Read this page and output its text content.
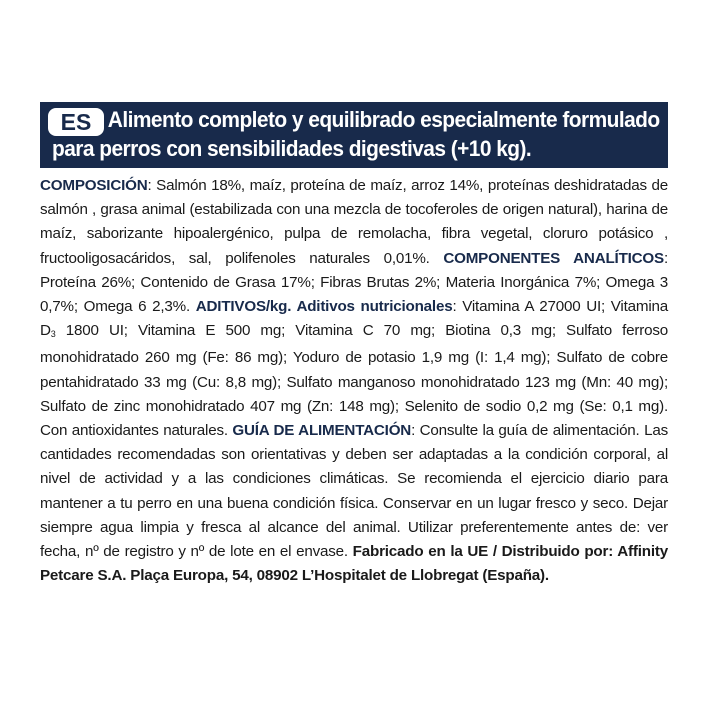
ES Alimento completo y equilibrado especialmente formulado
para perros con sensibilidades digestivas (+10 kg).
COMPOSICIÓN: Salmón 18%, maíz, proteína de maíz, arroz 14%, proteínas deshidratadas de salmón , grasa animal (estabilizada con una mezcla de tocoferoles de origen natural), harina de maíz, saborizante hipoalergénico, pulpa de remolacha, fibra vegetal, cloruro potásico , fructooligosacáridos, sal, polifenoles naturales 0,01%. COMPONENTES ANALÍTICOS: Proteína 26%; Contenido de Grasa 17%; Fibras Brutas 2%; Materia Inorgánica 7%; Omega 3 0,7%; Omega 6 2,3%. ADITIVOS/kg. Aditivos nutricionales: Vitamina A 27000 UI; Vitamina $D_3$ 1800 UI; Vitamina E 500 mg; Vitamina C 70 mg; Biotina 0,3 mg; Sulfato ferroso monohidratado 260 mg (Fe: 86 mg); Yoduro de potasio 1,9 mg (I: 1,4 mg); Sulfato de cobre pentahidratado 33 mg (Cu: 8,8 mg); Sulfato manganoso monohidratado 123 mg (Mn: 40 mg); Sulfato de zinc monohidratado 407 mg (Zn: 148 mg); Selenito de sodio 0,2 mg (Se: 0,1 mg). Con antioxidantes naturales. GUÍA DE ALIMENTACIÓN: Consulte la guía de alimentación. Las cantidades recomendadas son orientativas y deben ser adaptadas a la condición corporal, al nivel de actividad y a las condiciones climáticas. Se recomienda el ejercicio diario para mantener a tu perro en una buena condición física. Conservar en un lugar fresco y seco. Dejar siempre agua limpia y fresca al alcance del animal. Utilizar preferentemente antes de: ver fecha, nº de registro y nº de lote en el envase. Fabricado en la UE / Distribuido por: Affinity Petcare S.A. Plaça Europa, 54, 08902 L’Hospitalet de Llobregat (España).
